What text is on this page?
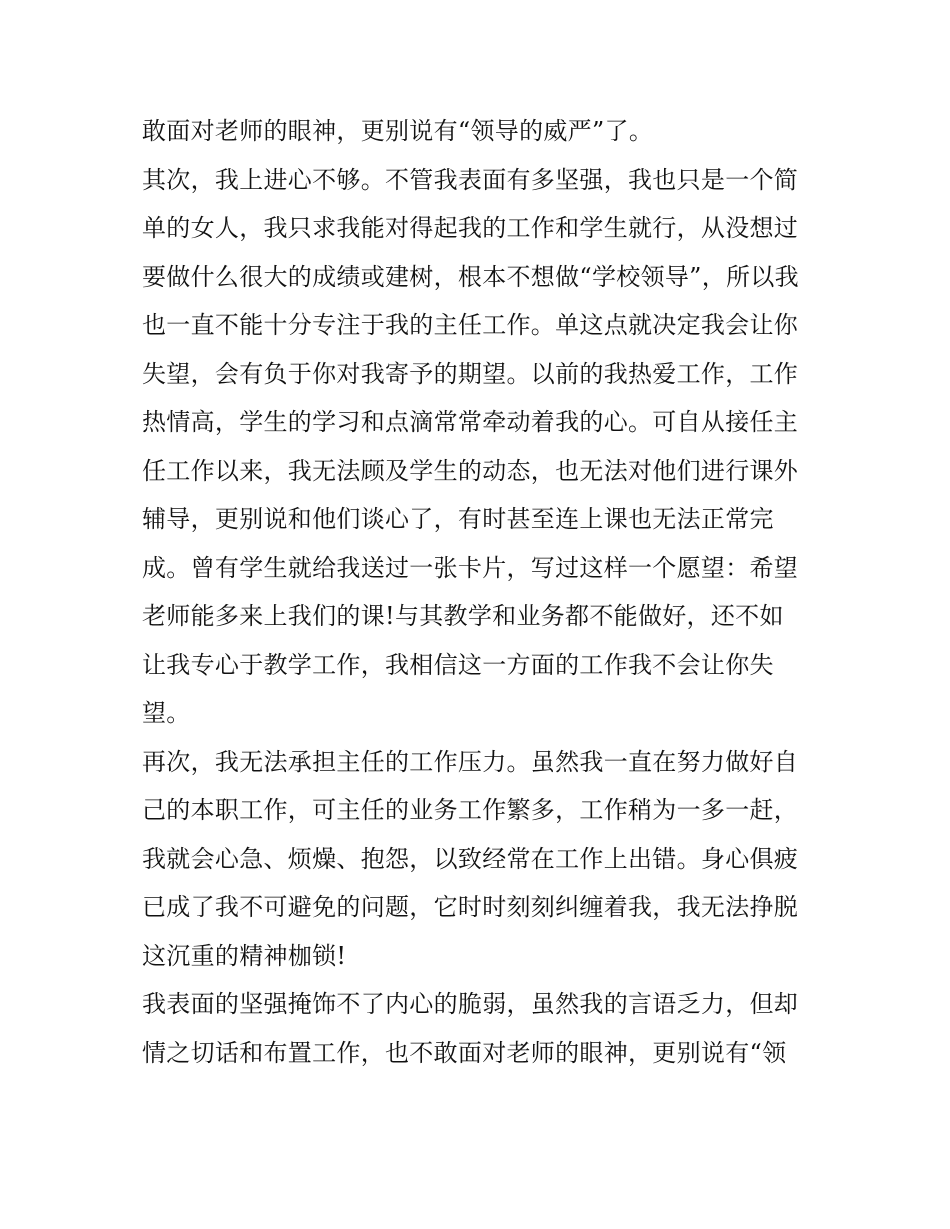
敢面对老师的眼神，更别说有“领导的威严”了。
其次，我上进心不够。不管我表面有多坚强，我也只是一个简
单的女人，我只求我能对得起我的工作和学生就行，从没想过
要做什么很大的成绩或建树，根本不想做“学校领导”，所以我
也一直不能十分专注于我的主任工作。单这点就决定我会让你
失望，会有负于你对我寄予的期望。以前的我热爱工作，工作
热情高，学生的学习和点滴常常牵动着我的心。可自从接任主
任工作以来，我无法顾及学生的动态，也无法对他们进行课外
辅导，更别说和他们谈心了，有时甚至连上课也无法正常完
成。曾有学生就给我送过一张卡片，写过这样一个愿望：希望
老师能多来上我们的课!与其教学和业务都不能做好，还不如
让我专心于教学工作，我相信这一方面的工作我不会让你失
望。
再次，我无法承担主任的工作压力。虽然我一直在努力做好自
己的本职工作，可主任的业务工作繁多，工作稍为一多一赶，
我就会心急、烦燥、抱怨，以致经常在工作上出错。身心俱疲
已成了我不可避免的问题，它时时刻刻纠缠着我，我无法挣脱
这沉重的精神枷锁!
我表面的坚强掩饰不了内心的脆弱，虽然我的言语乏力，但却
情之切话和布置工作，也不敢面对老师的眼神，更别说有“领
